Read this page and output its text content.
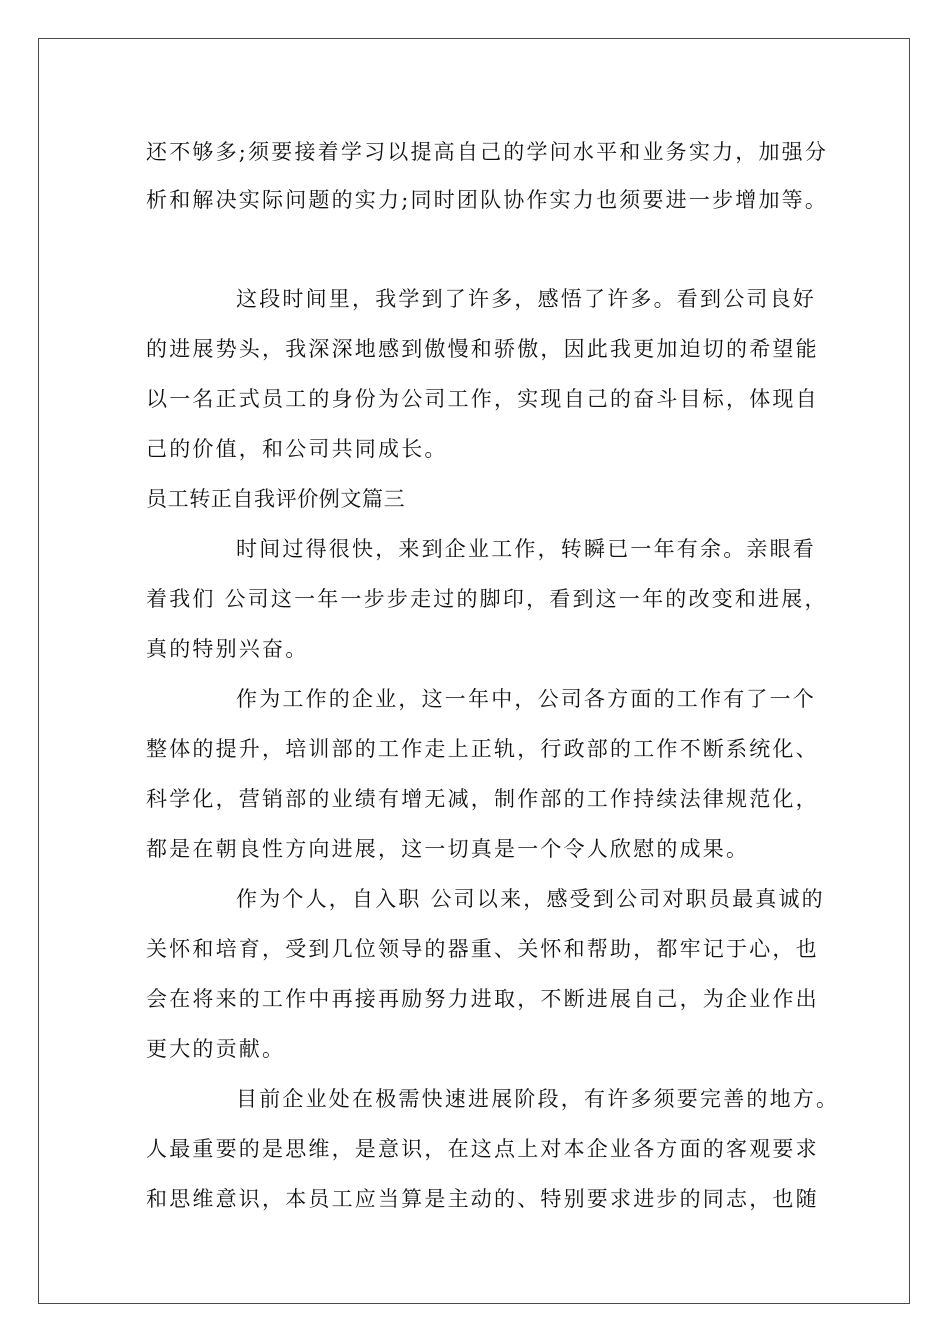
还不够多;须要接着学习以提高自己的学问水平和业务实力，加强分
析和解决实际问题的实力;同时团队协作实力也须要进一步增加等。
这段时间里，我学到了许多，感悟了许多。看到公司良好
的进展势头，我深深地感到傲慢和骄傲，因此我更加迫切的希望能
以一名正式员工的身份为公司工作，实现自己的奋斗目标，体现自
己的价值，和公司共同成长。
员工转正自我评价例文篇三
时间过得很快，来到企业工作，转瞬已一年有余。亲眼看
着我们 公司这一年一步步走过的脚印，看到这一年的改变和进展，
真的特别兴奋。
作为工作的企业，这一年中，公司各方面的工作有了一个
整体的提升，培训部的工作走上正轨，行政部的工作不断系统化、
科学化，营销部的业绩有增无减，制作部的工作持续法律规范化，
都是在朝良性方向进展，这一切真是一个令人欣慰的成果。
作为个人，自入职 公司以来，感受到公司对职员最真诚的
关怀和培育，受到几位领导的器重、关怀和帮助，都牢记于心，也
会在将来的工作中再接再励努力进取，不断进展自己，为企业作出
更大的贡献。
目前企业处在极需快速进展阶段，有许多须要完善的地方。
人最重要的是思维，是意识，在这点上对本企业各方面的客观要求
和思维意识，本员工应当算是主动的、特别要求进步的同志，也随
